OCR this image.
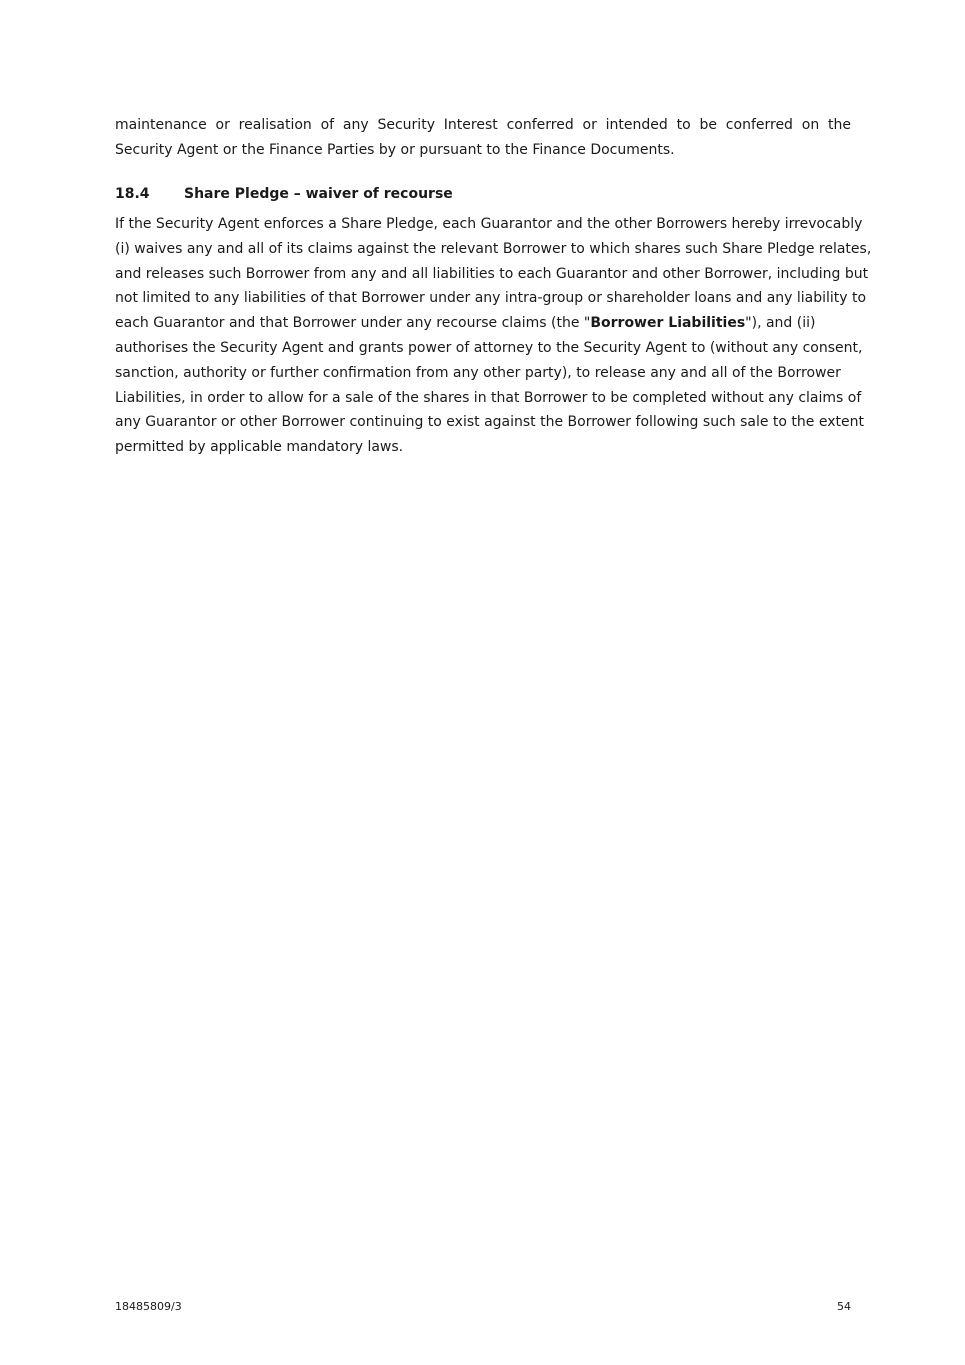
maintenance or realisation of any Security Interest conferred or intended to be conferred on the Security Agent or the Finance Parties by or pursuant to the Finance Documents.

18.4 Share Pledge – waiver of recourse

If the Security Agent enforces a Share Pledge, each Guarantor and the other Borrowers hereby irrevocably
(i) waives any and all of its claims against the relevant Borrower to which shares such Share Pledge relates,
and releases such Borrower from any and all liabilities to each Guarantor and other Borrower, including but
not limited to any liabilities of that Borrower under any intra-group or shareholder loans and any liability to
each Guarantor and that Borrower under any recourse claims (the "Borrower Liabilities"), and (ii)
authorises the Security Agent and grants power of attorney to the Security Agent to (without any consent,
sanction, authority or further confirmation from any other party), to release any and all of the Borrower
Liabilities, in order to allow for a sale of the shares in that Borrower to be completed without any claims of
any Guarantor or other Borrower continuing to exist against the Borrower following such sale to the extent
permitted by applicable mandatory laws.

18485809/3	54
